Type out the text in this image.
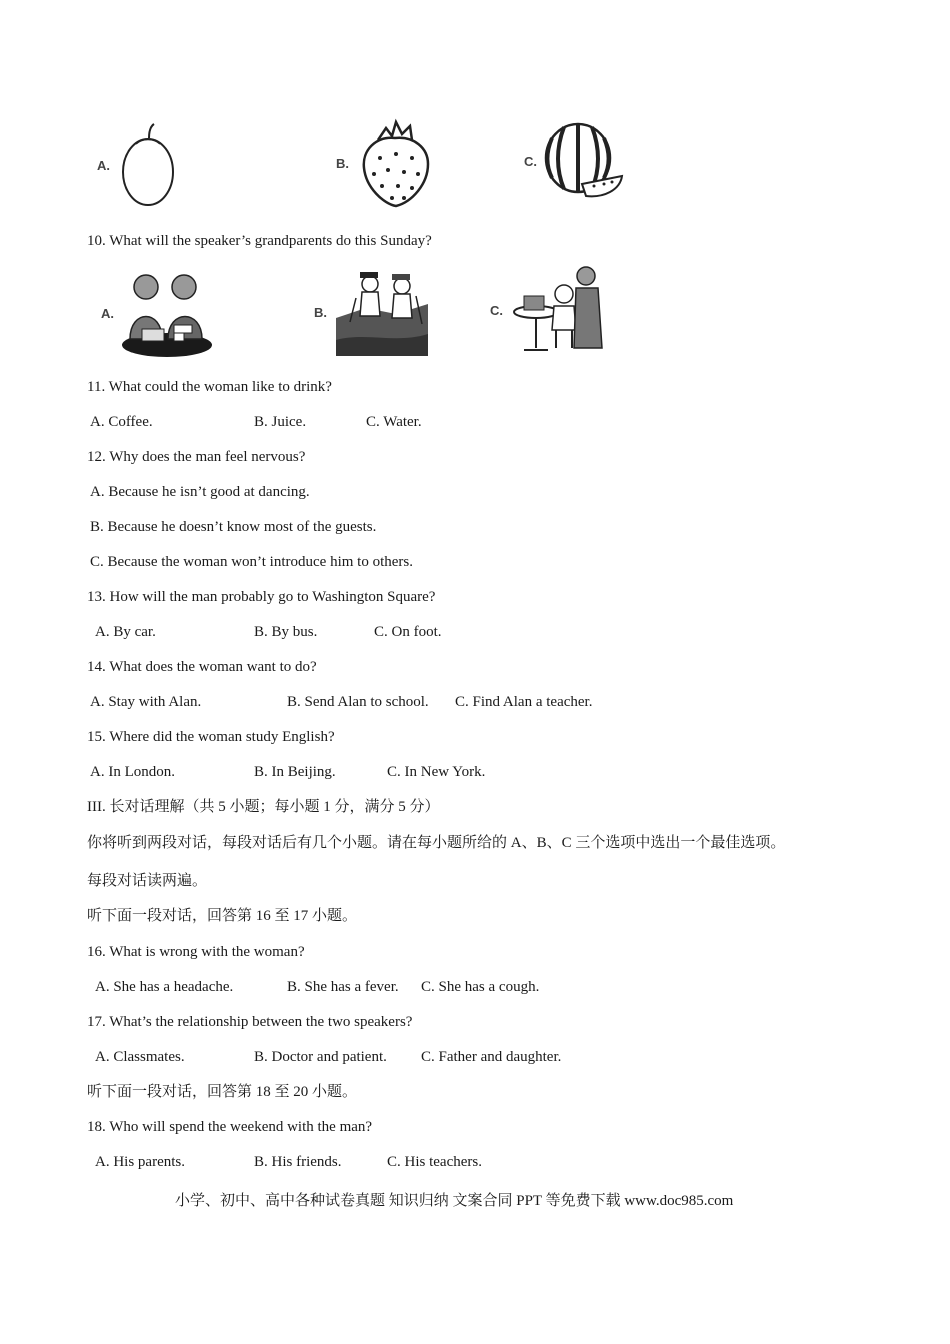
A.	B.	C.
10. What will the speaker’s grandparents do this Sunday?
A.	B.	C.
11. What could the woman like to drink?
A. Coffee.	B. Juice.	C. Water.
12. Why does the man feel nervous?
A. Because he isn’t good at dancing.
B. Because he doesn’t know most of the guests.
C. Because the woman won’t introduce him to others.
13. How will the man probably go to Washington Square?
A. By car.	B. By bus.	C. On foot.
14. What does the woman want to do?
A. Stay with Alan.	B. Send Alan to school. C. Find Alan a teacher.
15. Where did the woman study English?
A. In London.	B. In Beijing.	C. In New York.
III. 长对话理解（共 5 小题；每小题 1 分，满分 5 分）
你将听到两段对话，每段对话后有几个小题。请在每小题所给的 A、B、C 三个选项中选出一个最佳选项。
每段对话读两遍。
听下面一段对话，回答第 16 至 17 小题。
16. What is wrong with the woman?
A. She has a headache.	B. She has a fever. C. She has a cough.
17. What’s the relationship between the two speakers?
A. Classmates.	B. Doctor and patient. C. Father and daughter.
听下面一段对话，回答第 18 至 20 小题。
18. Who will spend the weekend with the man?
A. His parents.	B. His friends.	C. His teachers.
小学、初中、高中各种试卷真题 知识归纳 文案合同 PPT 等免费下载 www.doc985.com
